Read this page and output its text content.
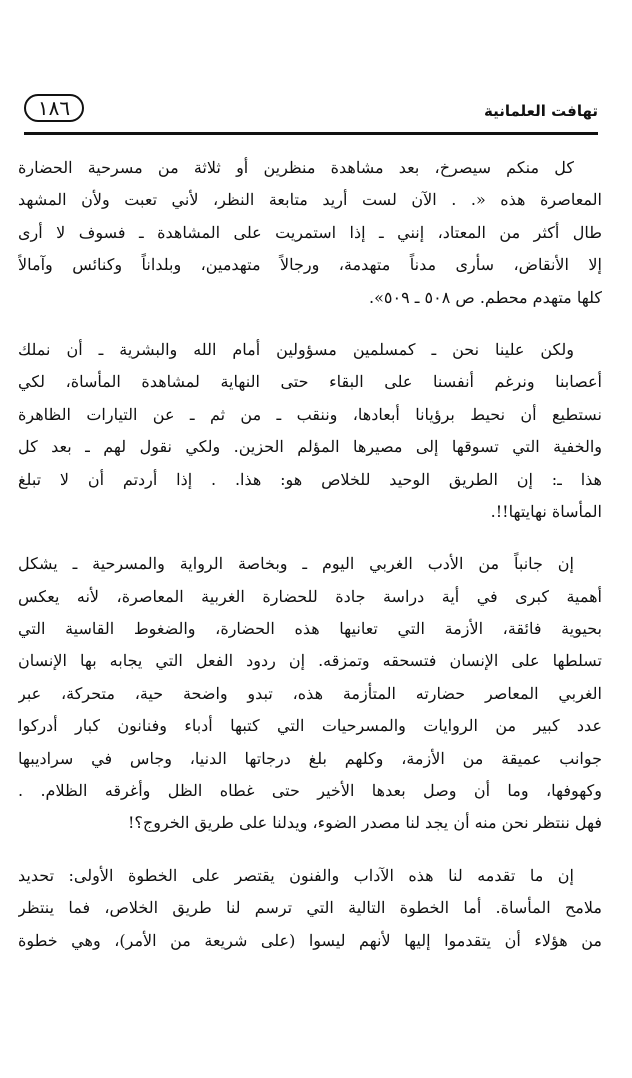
تهافت العلمانية
١٨٦
كل منكم سيصرخ، بعد مشاهدة منظرين أو ثلاثة من مسرحية الحضارة
المعاصرة هذه «. . الآن لست أريد متابعة النظر، لأني تعبت ولأن المشهد
طال أكثر من المعتاد، إنني ـ إذا استمريت على المشاهدة ـ فسوف لا أرى
إلا الأنقاض، سأرى مدناً متهدمة، ورجالاً متهدمين، وبلداناً وكنائس وآمالاً
كلها متهدم محطم. ص ٥٠٨ ـ ٥٠٩».
ولكن علينا نحن ـ كمسلمين مسؤولين أمام الله والبشرية ـ أن نملك
أعصابنا ونرغم أنفسنا على البقاء حتى النهاية لمشاهدة المأساة، لكي
نستطيع أن نحيط برؤيانا أبعادها، وننقب ـ من ثم ـ عن التيارات الظاهرة
والخفية التي تسوقها إلى مصيرها المؤلم الحزين. ولكي نقول لهم ـ بعد كل
هذا ـ: إن الطريق الوحيد للخلاص هو: هذا. . إذا أردتم أن لا تبلغ
المأساة نهايتها!!.
إن جانباً من الأدب الغربي اليوم ـ وبخاصة الرواية والمسرحية ـ يشكل
أهمية كبرى في أية دراسة جادة للحضارة الغربية المعاصرة، لأنه يعكس
بحيوية فائقة، الأزمة التي تعانيها هذه الحضارة، والضغوط القاسية التي
تسلطها على الإنسان فتسحقه وتمزقه. إن ردود الفعل التي يجابه بها الإنسان
الغربي المعاصر حضارته المتأزمة هذه، تبدو واضحة حية، متحركة، عبر
عدد كبير من الروايات والمسرحيات التي كتبها أدباء وفنانون كبار أدركوا
جوانب عميقة من الأزمة، وكلهم بلغ درجاتها الدنيا، وجاس في سراديبها
وكهوفها، وما أن وصل بعدها الأخير حتى غطاه الظل وأغرقه الظلام. .
فهل ننتظر نحن منه أن يجد لنا مصدر الضوء، ويدلنا على طريق الخروج؟!
إن ما تقدمه لنا هذه الآداب والفنون يقتصر على الخطوة الأولى: تحديد
ملامح المأساة. أما الخطوة التالية التي ترسم لنا طريق الخلاص، فما ينتظر
من هؤلاء أن يتقدموا إليها لأنهم ليسوا (على شريعة من الأمر)، وهي خطوة
